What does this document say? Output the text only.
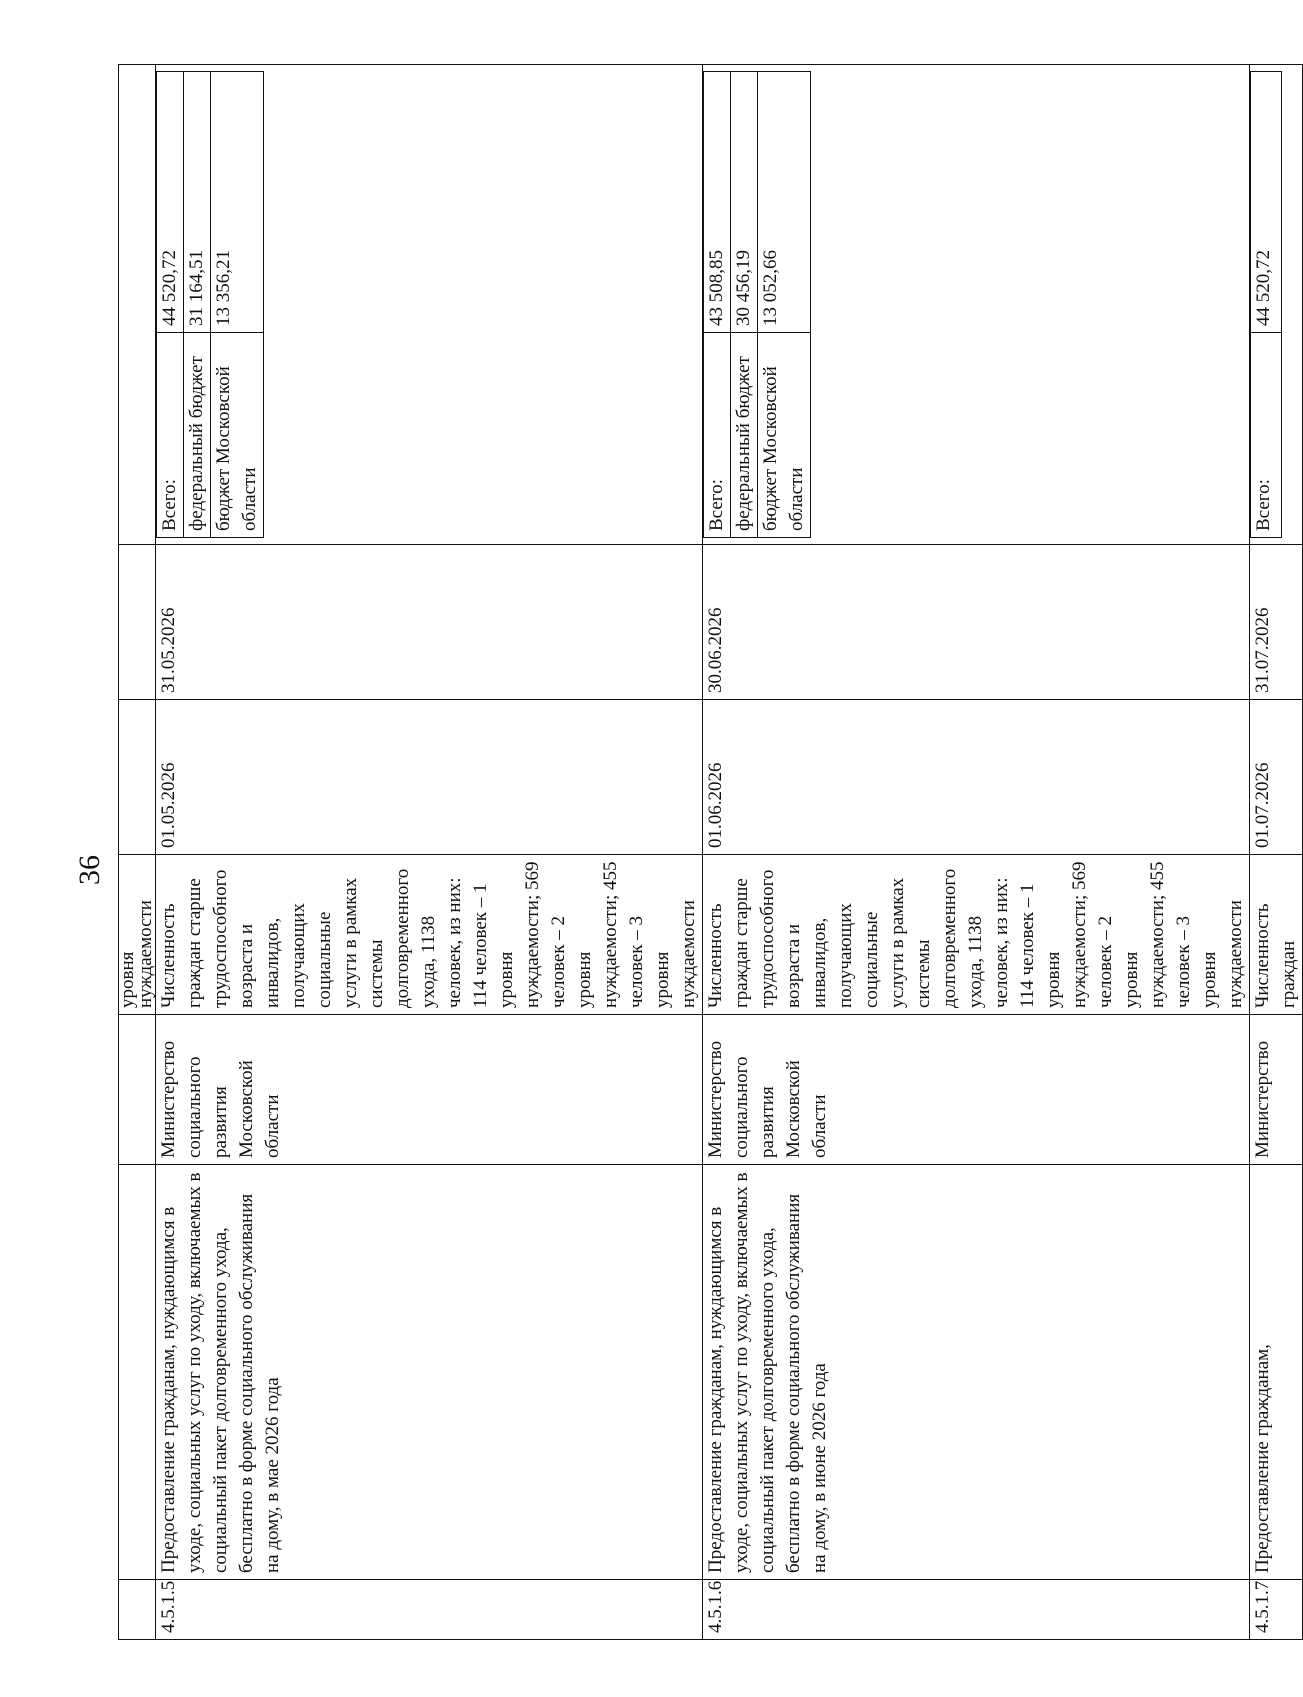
36
			уровня нуждаемости			
4.5.1.5	Предоставление гражданам, нуждающимся в уходе, социальных услуг по уходу, включаемых в социальный пакет долговременного ухода, бесплатно в форме социального обслуживания на дому, в мае 2026 года	Министерство социального развития Московской области	Численность граждан старше трудоспособного возраста и инвалидов, получающих социальные услуги в рамках системы долговременного ухода, 1138 человек, из них: 114 человек – 1 уровня нуждаемости; 569 человек – 2 уровня нуждаемости; 455 человек – 3 уровня нуждаемости	01.05.2026	31.05.2026	
Всего:	44 520,72
федеральный бюджет	31 164,51
бюджет Московской области	13 356,21

4.5.1.6	Предоставление гражданам, нуждающимся в уходе, социальных услуг по уходу, включаемых в социальный пакет долговременного ухода, бесплатно в форме социального обслуживания на дому, в июне 2026 года	Министерство социального развития Московской области	Численность граждан старше трудоспособного возраста и инвалидов, получающих социальные услуги в рамках системы долговременного ухода, 1138 человек, из них: 114 человек – 1 уровня нуждаемости; 569 человек – 2 уровня нуждаемости; 455 человек – 3 уровня нуждаемости	01.06.2026	30.06.2026	
Всего:	43 508,85
федеральный бюджет	30 456,19
бюджет Московской области	13 052,66

4.5.1.7	Предоставление гражданам,	Министерство	Численность граждан	01.07.2026	31.07.2026	
Всего:	44 520,72
